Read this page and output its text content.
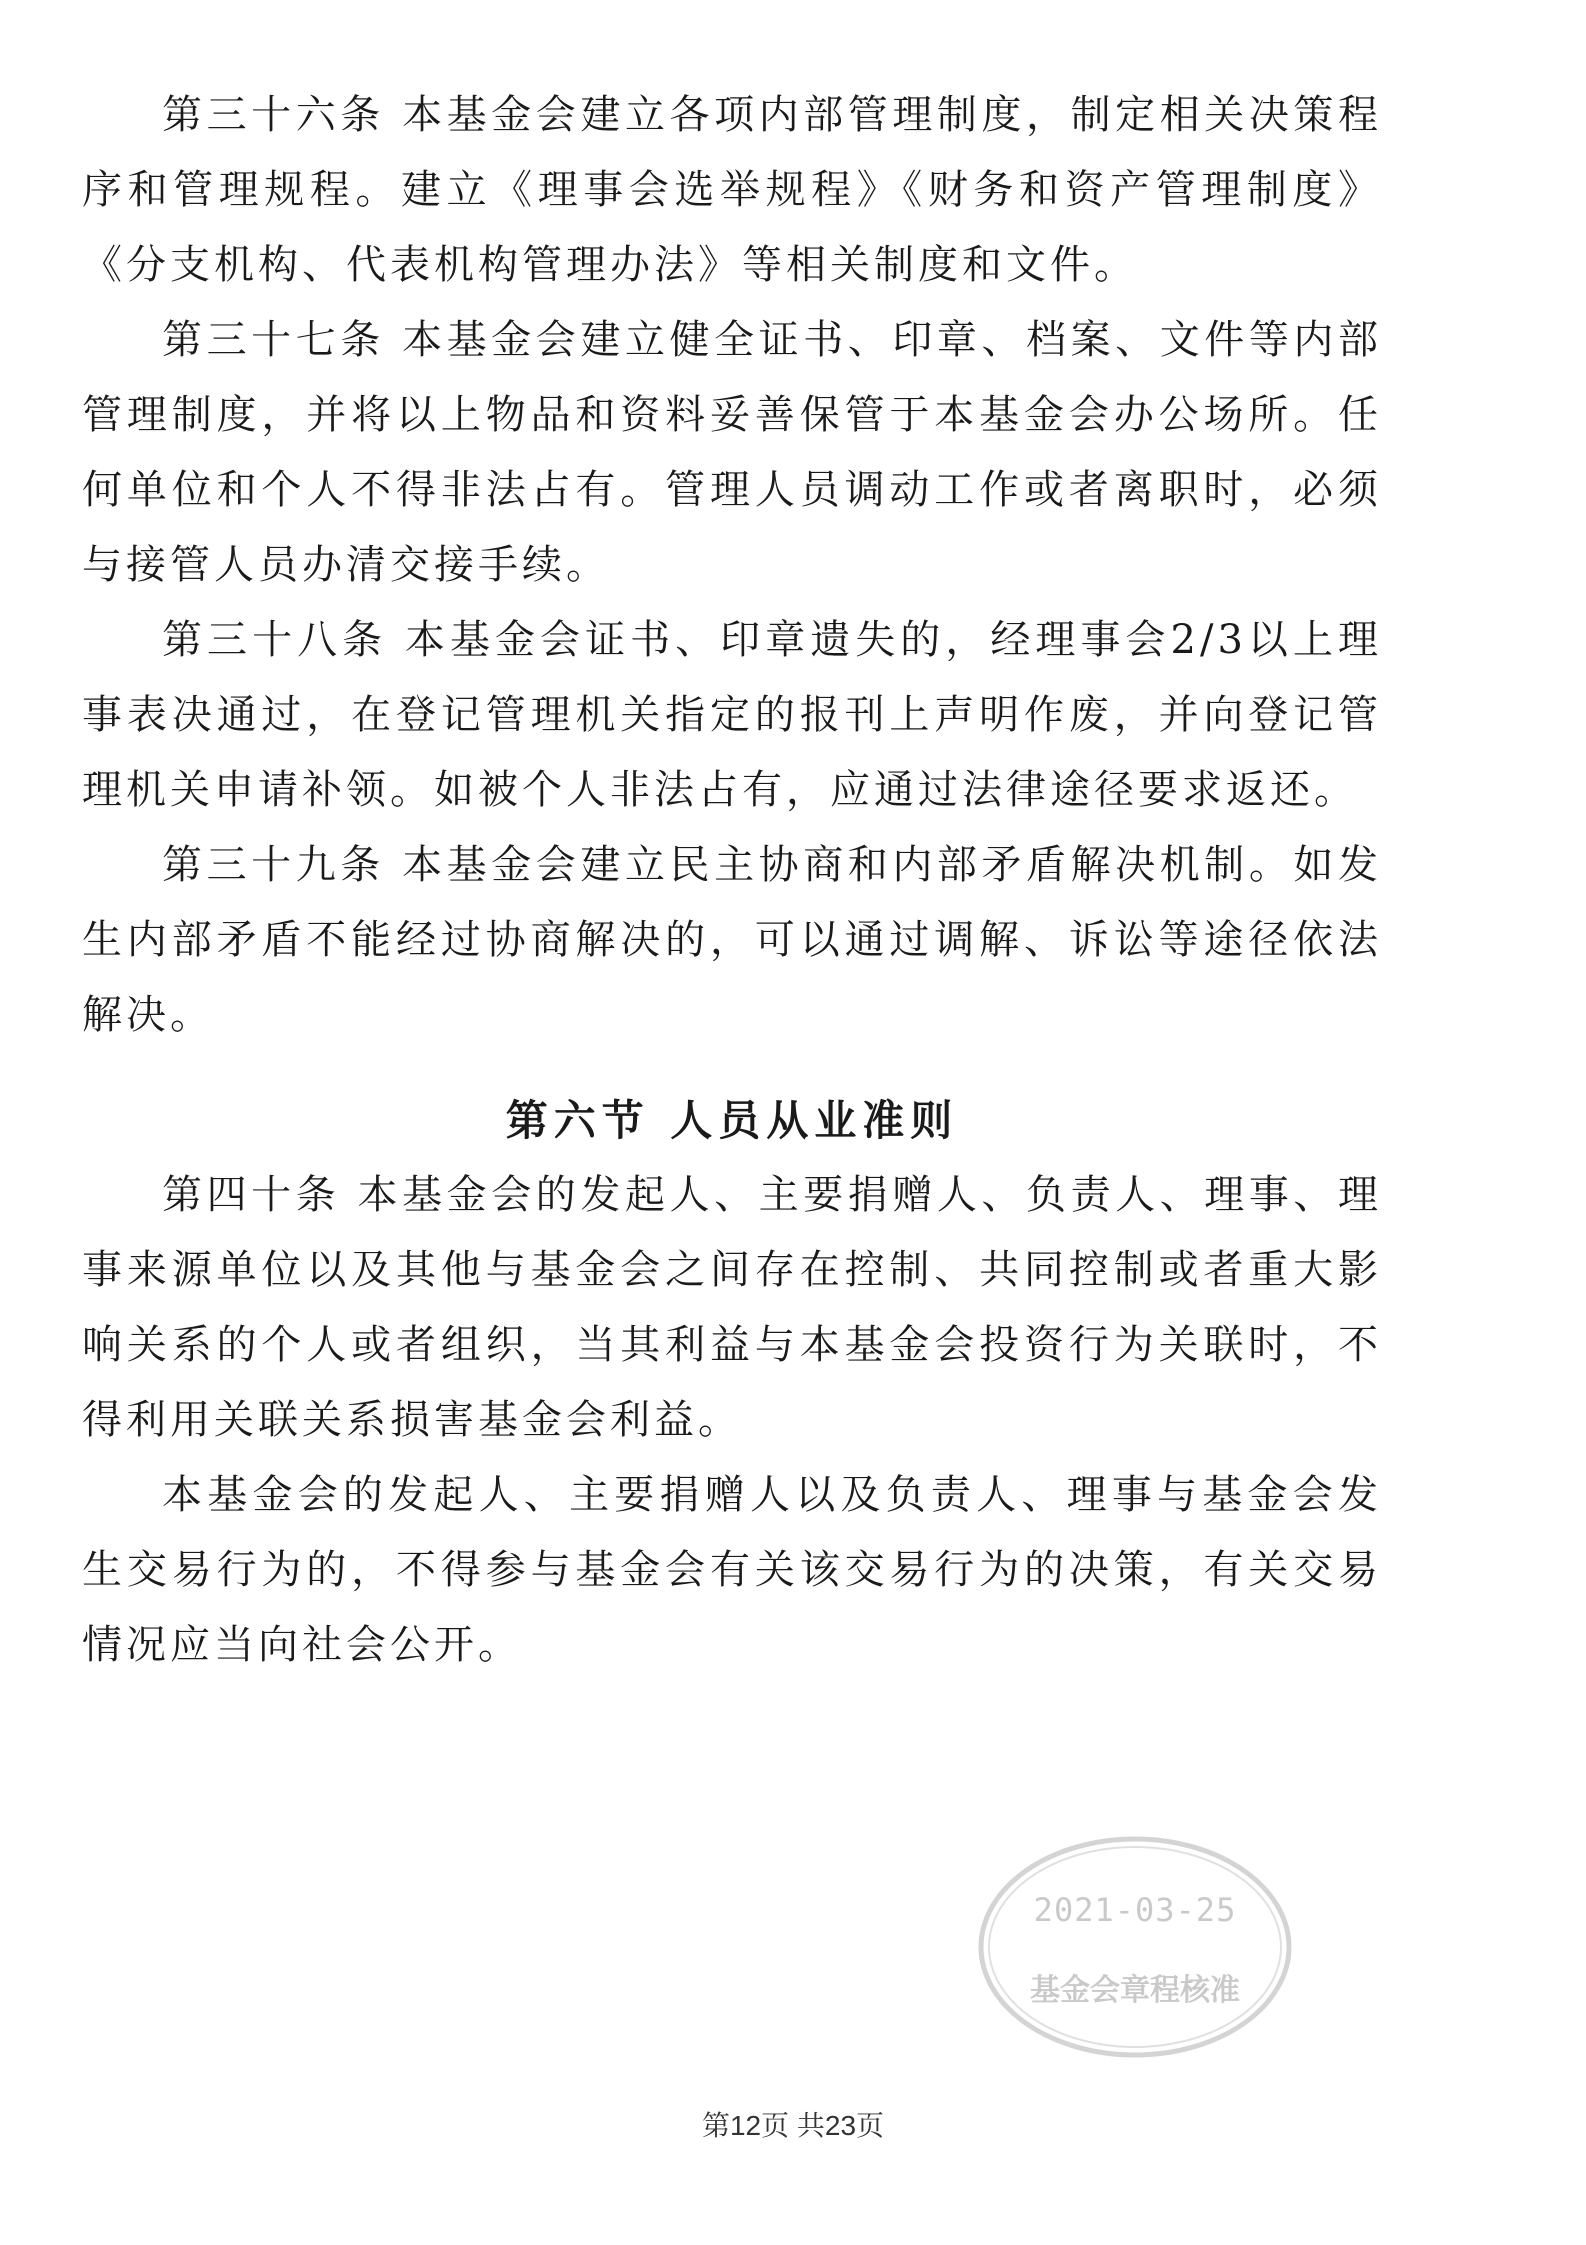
第三十六条 本基金会建立各项内部管理制度，制定相关决策程序和管理规程。建立《理事会选举规程》《财务和资产管理制度》《分支机构、代表机构管理办法》等相关制度和文件。

第三十七条 本基金会建立健全证书、印章、档案、文件等内部管理制度，并将以上物品和资料妥善保管于本基金会办公场所。任何单位和个人不得非法占有。管理人员调动工作或者离职时，必须与接管人员办清交接手续。

第三十八条 本基金会证书、印章遗失的，经理事会2/3以上理事表决通过，在登记管理机关指定的报刊上声明作废，并向登记管理机关申请补领。如被个人非法占有，应通过法律途径要求返还。

第三十九条 本基金会建立民主协商和内部矛盾解决机制。如发生内部矛盾不能经过协商解决的，可以通过调解、诉讼等途径依法解决。

第六节 人员从业准则

第四十条 本基金会的发起人、主要捐赠人、负责人、理事、理事来源单位以及其他与基金会之间存在控制、共同控制或者重大影响关系的个人或者组织，当其利益与本基金会投资行为关联时，不得利用关联关系损害基金会利益。

本基金会的发起人、主要捐赠人以及负责人、理事与基金会发生交易行为的，不得参与基金会有关该交易行为的决策，有关交易情况应当向社会公开。

2021-03-25
基金会章程核准
第12页 共23页
